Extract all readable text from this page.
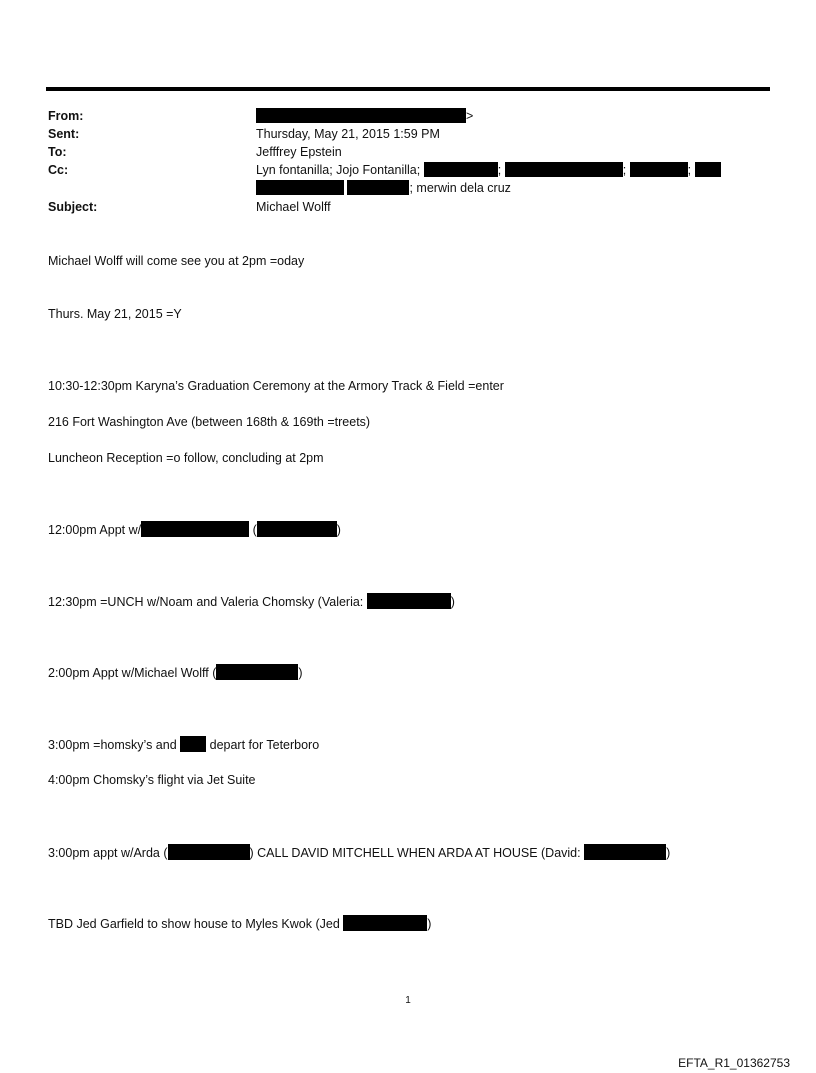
From:	>
Sent:	Thursday, May 21, 2015 1:59 PM
To:	Jefffrey Epstein
Cc:	Lyn fontanilla; Jojo Fontanilla;	;	;	;
; merwin dela cruz
Subject:	Michael Wolff
Michael Wolff will come see you at 2pm =oday
Thurs. May 21, 2015 =Y
10:30-12:30pm Karyna’s Graduation Ceremony at the Armory Track & Field =enter
216 Fort Washington Ave (between 168th & 169th =treets)
Luncheon Reception =o follow, concluding at 2pm
12:00pm Appt w/	(	)
12:30pm =UNCH w/Noam and Valeria Chomsky (Valeria:	)
2:00pm Appt w/Michael Wolff (	)
3:00pm =homsky’s and  depart for Teterboro
4:00pm Chomsky’s flight via Jet Suite
3:00pm appt w/Arda (	) CALL DAVID MITCHELL WHEN ARDA AT HOUSE (David:	)
TBD Jed Garfield to show house to Myles Kwok (Jed	)
1
EFTA_R1_01362753
